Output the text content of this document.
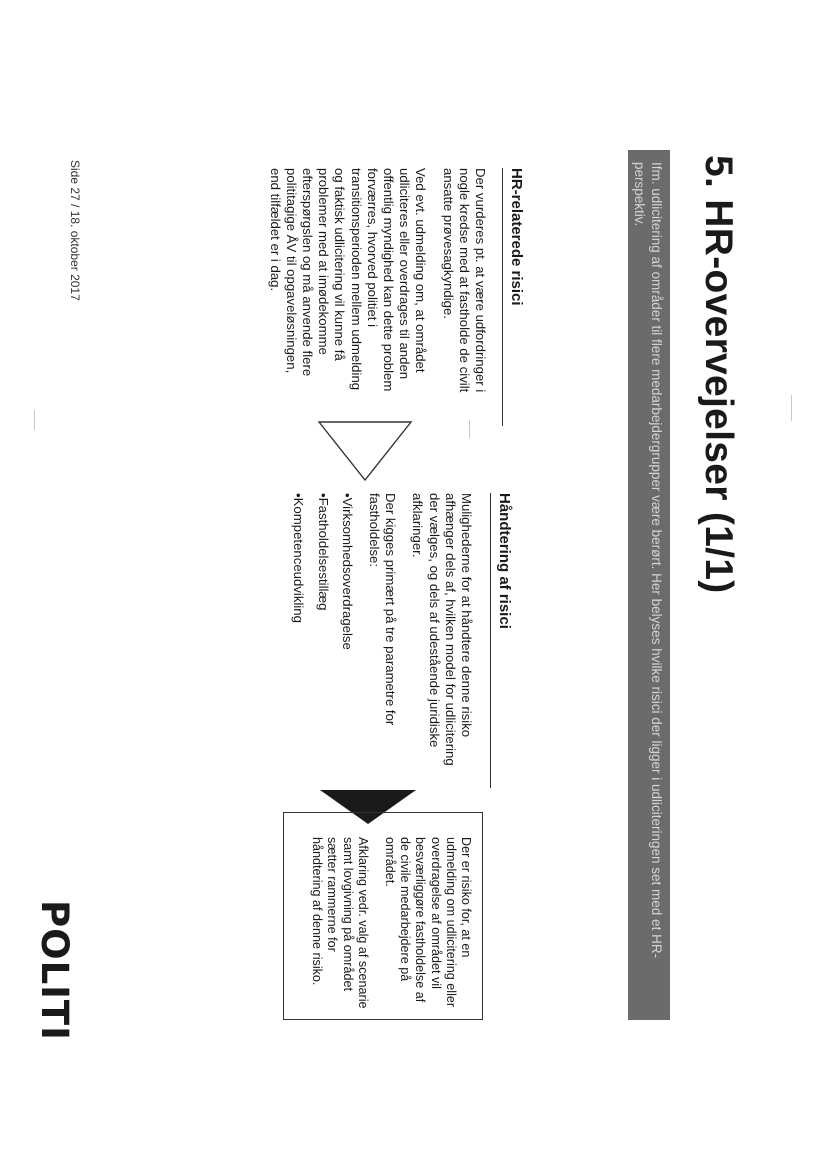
5. HR-overvejelser (1/1)
Ifm. udlicitering af områder til flere medarbejdergrupper være berørt. Her belyses hvilke risici der ligger i udliciteringen set med et HR-perspektiv.
HR-relaterede risici

Der vurderes pt. at være udfordringer i nogle kredse med at fastholde de civilt ansatte prøvesagkyndige.

Ved evt. udmelding om, at området udliciteres eller overdrages til anden offentlig myndighed kan dette problem forværres, hvorved politiet i transitionsperioden mellem udmelding og faktisk udlicitering vil kunne få problemer med at imødekomme efterspørgslen og må anvende flere polititagige ÅV til opgaveløsningen, end tilfældet er i dag.

Håndtering af risici

Mulighederne for at håndtere denne risiko afhænger dels af, hvilken model for udlicitering der vælges, og dels af udestående juridiske afklaringer.

Der kigges primært på tre parametre for fastholdelse:

•Virksomhedsoverdragelse
•Fastholdelsestillæg
•Kompetenceudvikling

Der er risiko for, at en udmelding om udlicitering eller overdragelse af området vil besværliggøre fastholdelse af de civile medarbejdere på området.

Afklaring vedr. valg af scenarie samt lovgivning på området sætter rammerne for håndtering af denne risiko.

Side 27 / 18. oktober 2017
POLITI
